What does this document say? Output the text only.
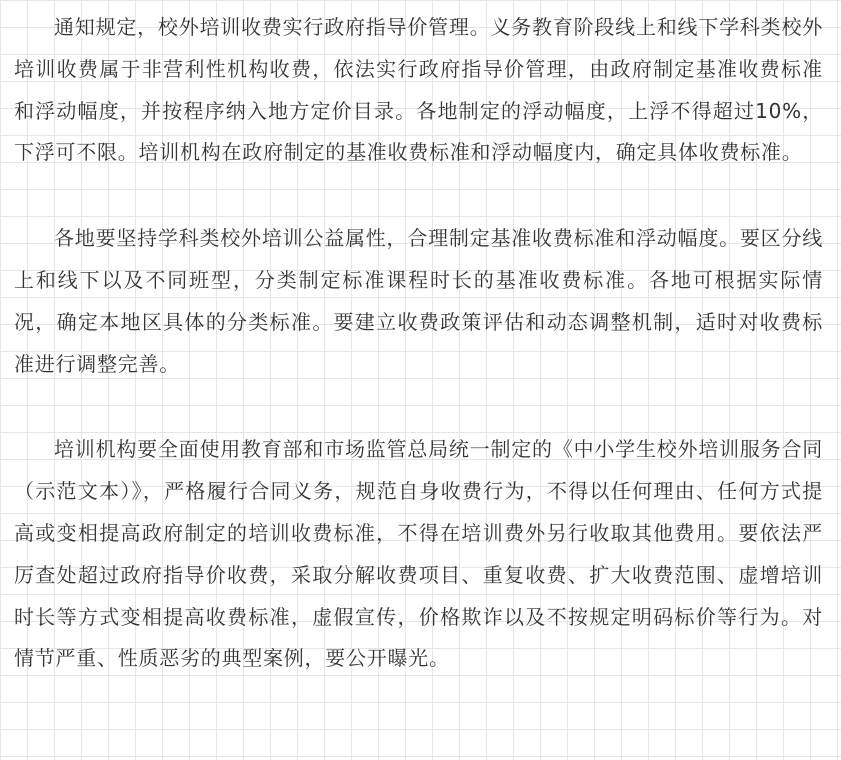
通知规定，校外培训收费实行政府指导价管理。义务教育阶段线上和线下学科类校外培训收费属于非营利性机构收费，依法实行政府指导价管理，由政府制定基准收费标准和浮动幅度，并按程序纳入地方定价目录。各地制定的浮动幅度，上浮不得超过10%，下浮可不限。培训机构在政府制定的基准收费标准和浮动幅度内，确定具体收费标准。

各地要坚持学科类校外培训公益属性，合理制定基准收费标准和浮动幅度。要区分线上和线下以及不同班型，分类制定标准课程时长的基准收费标准。各地可根据实际情况，确定本地区具体的分类标准。要建立收费政策评估和动态调整机制，适时对收费标准进行调整完善。

培训机构要全面使用教育部和市场监管总局统一制定的《中小学生校外培训服务合同（示范文本）》，严格履行合同义务，规范自身收费行为，不得以任何理由、任何方式提高或变相提高政府制定的培训收费标准，不得在培训费外另行收取其他费用。要依法严厉查处超过政府指导价收费，采取分解收费项目、重复收费、扩大收费范围、虚增培训时长等方式变相提高收费标准，虚假宣传，价格欺诈以及不按规定明码标价等行为。对情节严重、性质恶劣的典型案例，要公开曝光。
